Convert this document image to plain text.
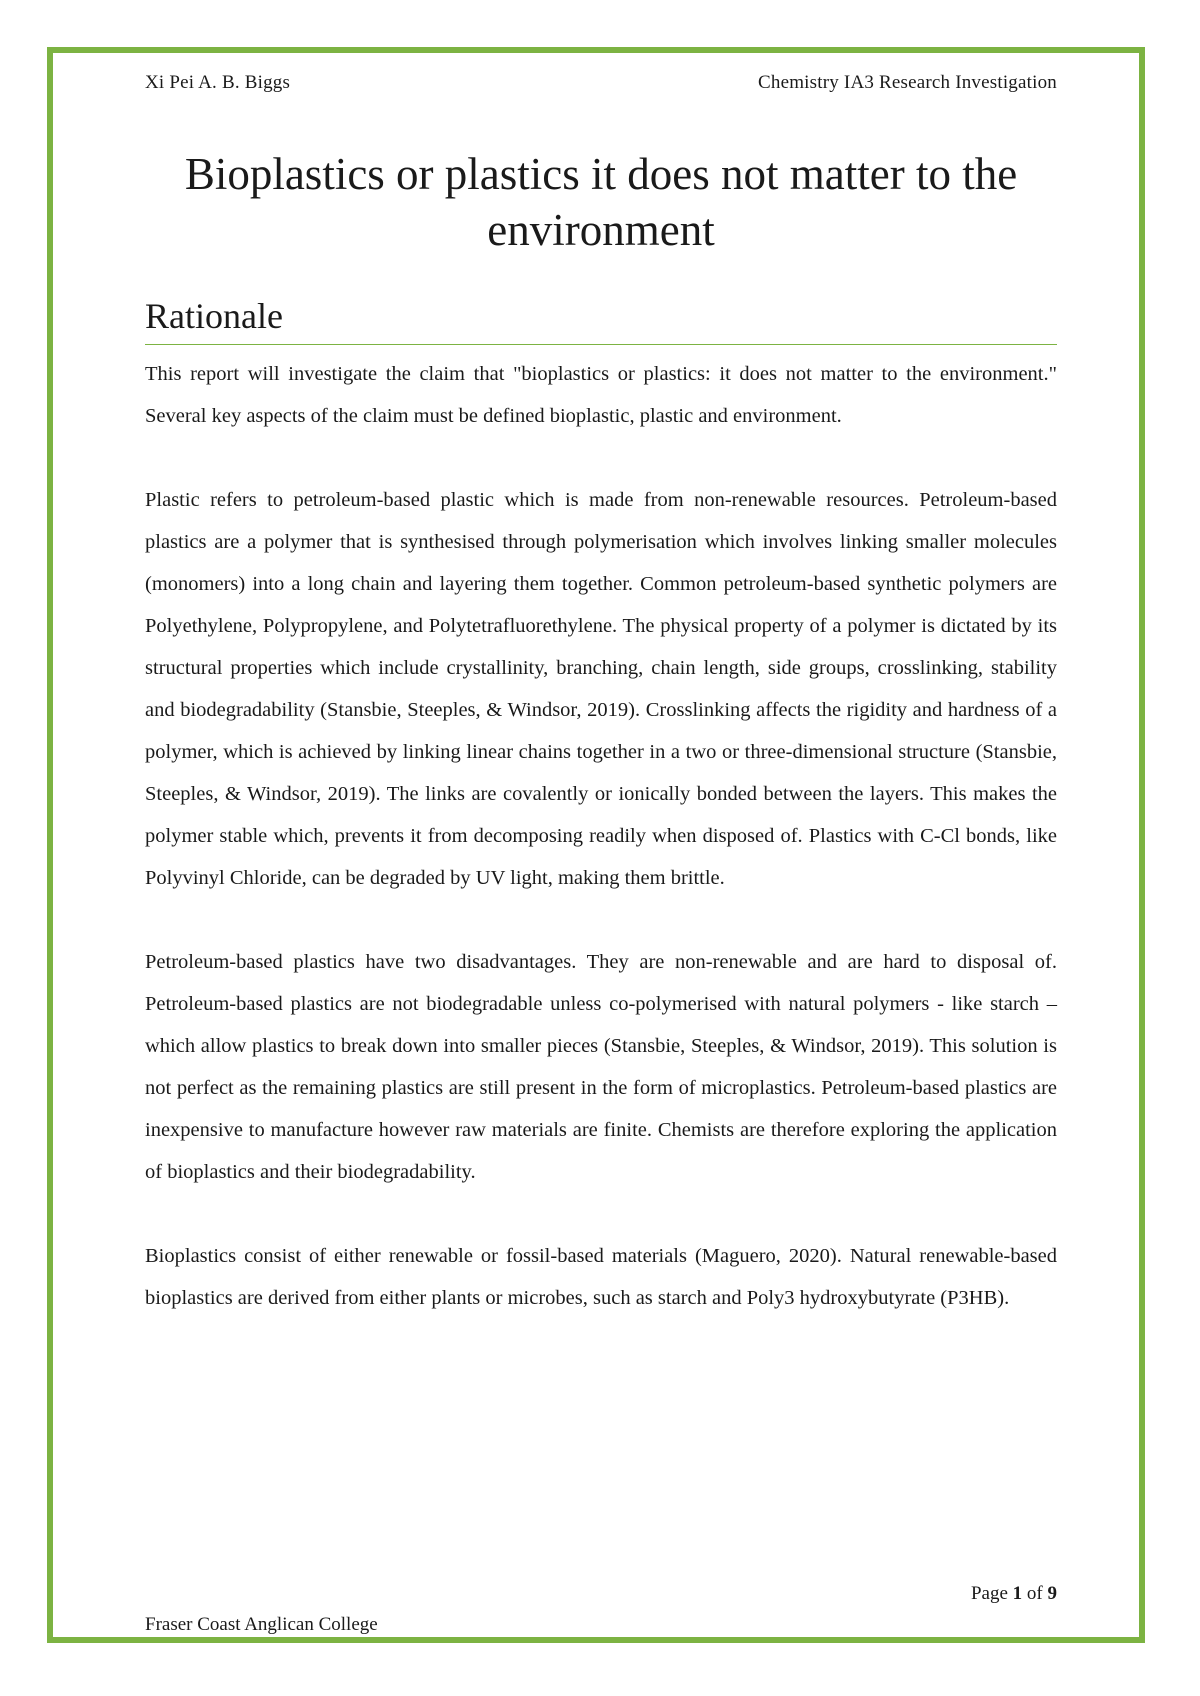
Xi Pei A. B. Biggs	Chemistry IA3 Research Investigation
Bioplastics or plastics it does not matter to the environment
Rationale

This report will investigate the claim that "bioplastics or plastics: it does not matter to the environment." Several key aspects of the claim must be defined bioplastic, plastic and environment.

Plastic refers to petroleum-based plastic which is made from non-renewable resources. Petroleum-based plastics are a polymer that is synthesised through polymerisation which involves linking smaller molecules (monomers) into a long chain and layering them together. Common petroleum-based synthetic polymers are Polyethylene, Polypropylene, and Polytetrafluorethylene. The physical property of a polymer is dictated by its structural properties which include crystallinity, branching, chain length, side groups, crosslinking, stability and biodegradability (Stansbie, Steeples, & Windsor, 2019). Crosslinking affects the rigidity and hardness of a polymer, which is achieved by linking linear chains together in a two or three-dimensional structure (Stansbie, Steeples, & Windsor, 2019). The links are covalently or ionically bonded between the layers. This makes the polymer stable which, prevents it from decomposing readily when disposed of. Plastics with C-Cl bonds, like Polyvinyl Chloride, can be degraded by UV light, making them brittle.

Petroleum-based plastics have two disadvantages. They are non-renewable and are hard to disposal of. Petroleum-based plastics are not biodegradable unless co-polymerised with natural polymers - like starch – which allow plastics to break down into smaller pieces (Stansbie, Steeples, & Windsor, 2019). This solution is not perfect as the remaining plastics are still present in the form of microplastics. Petroleum-based plastics are inexpensive to manufacture however raw materials are finite. Chemists are therefore exploring the application of bioplastics and their biodegradability.

Bioplastics consist of either renewable or fossil-based materials (Maguero, 2020). Natural renewable-based bioplastics are derived from either plants or microbes, such as starch and Poly3 hydroxybutyrate (P3HB).

Page 1 of 9
Fraser Coast Anglican College
